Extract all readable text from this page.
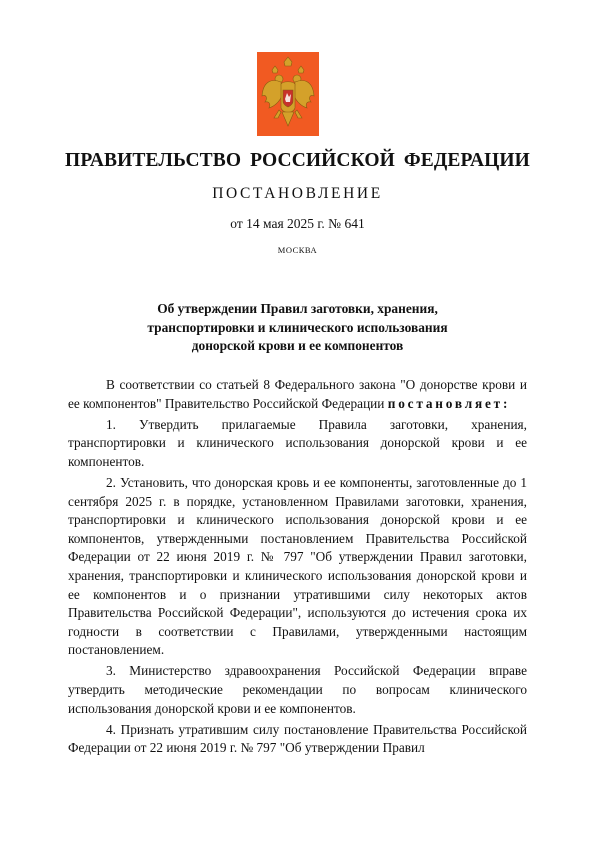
ПРАВИТЕЛЬСТВО РОССИЙСКОЙ ФЕДЕРАЦИИ
ПОСТАНОВЛЕНИЕ
от 14 мая 2025 г. № 641
МОСКВА
Об утверждении Правил заготовки, хранения,
транспортировки и клинического использования
донорской крови и ее компонентов

В соответствии со статьей 8 Федерального закона "О донорстве крови и ее компонентов" Правительство Российской Федерации постановляет:

1. Утвердить прилагаемые Правила заготовки, хранения, транспортировки и клинического использования донорской крови и ее компонентов.

2. Установить, что донорская кровь и ее компоненты, заготовленные до 1 сентября 2025 г. в порядке, установленном Правилами заготовки, хранения, транспортировки и клинического использования донорской крови и ее компонентов, утвержденными постановлением Правительства Российской Федерации от 22 июня 2019 г. № 797 "Об утверждении Правил заготовки, хранения, транспортировки и клинического использования донорской крови и ее компонентов и о признании утратившими силу некоторых актов Правительства Российской Федерации", используются до истечения срока их годности в соответствии с Правилами, утвержденными настоящим постановлением.

3. Министерство здравоохранения Российской Федерации вправе утвердить методические рекомендации по вопросам клинического использования донорской крови и ее компонентов.

4. Признать утратившим силу постановление Правительства Российской Федерации от 22 июня 2019 г. № 797 "Об утверждении Правил
